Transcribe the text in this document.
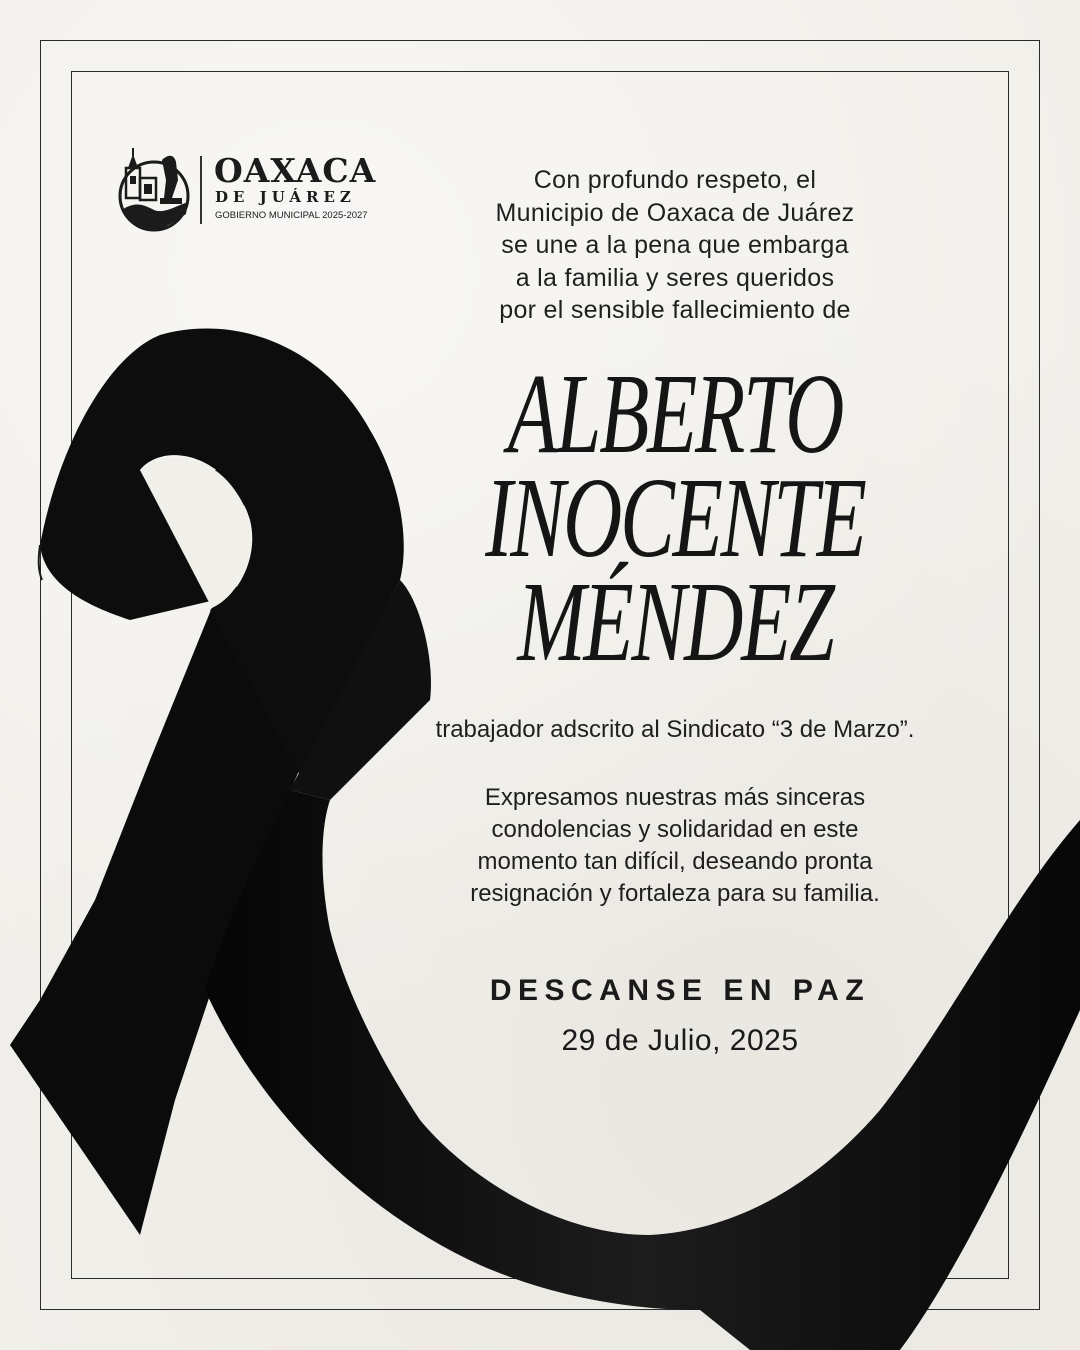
OAXACA
DE JUÁREZ
GOBIERNO MUNICIPAL 2025-2027
Con profundo respeto, el
Municipio de Oaxaca de Juárez
se une a la pena que embarga
a la familia y seres queridos
por el sensible fallecimiento de
ALBERTO
INOCENTE
MÉNDEZ
trabajador adscrito al Sindicato “3 de Marzo”.
Expresamos nuestras más sinceras
condolencias y solidaridad en este
momento tan difícil, deseando pronta
resignación y fortaleza para su familia.
DESCANSE EN PAZ
29 de Julio, 2025
